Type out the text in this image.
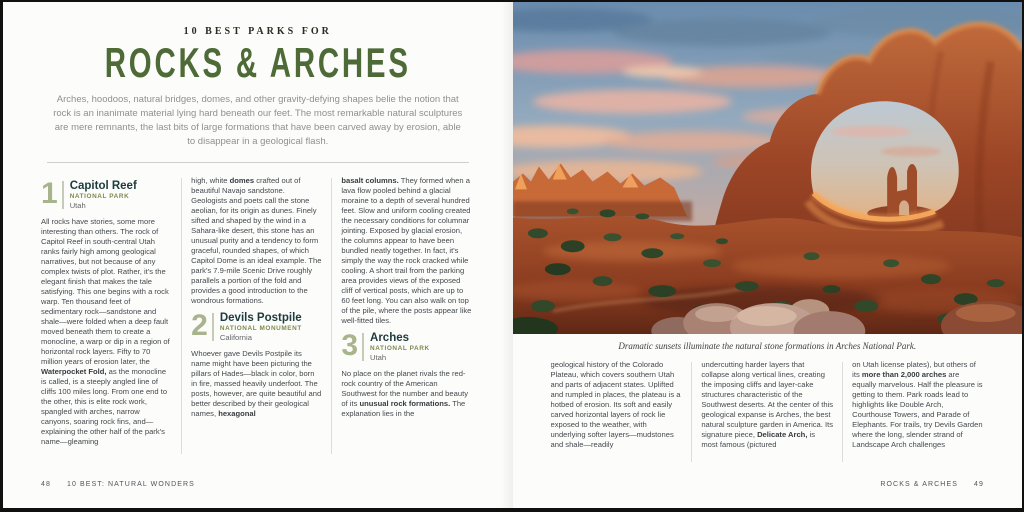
10 BEST PARKS FOR
ROCKS & ARCHES

Arches, hoodoos, natural bridges, domes, and other gravity-defying shapes belie the notion that rock is an inanimate material lying hard beneath our feet. The most remarkable natural sculptures are mere remnants, the last bits of large formations that have been carved away by erosion, able to disappear in a geological flash.

1 Capitol Reef
NATIONAL PARK
Utah

All rocks have stories, some more interesting than others. The rock of Capitol Reef in south-central Utah ranks fairly high among geological narratives, but not because of any complex twists of plot. Rather, it's the elegant finish that makes the tale satisfying. This one begins with a rock warp. Ten thousand feet of sedimentary rock—sandstone and shale—were folded when a deep fault moved beneath them to create a monocline, a warp or dip in a region of horizontal rock layers. Fifty to 70 million years of erosion later, the Waterpocket Fold, as the monocline is called, is a steeply angled line of cliffs 100 miles long. From one end to the other, this is elite rock work, spangled with arches, narrow canyons, soaring rock fins, and—explaining the other half of the park's name—gleaming

high, white domes crafted out of beautiful Navajo sandstone. Geologists and poets call the stone aeolian, for its origin as dunes. Finely sifted and shaped by the wind in a Sahara-like desert, this stone has an unusual purity and a tendency to form graceful, rounded shapes, of which Capitol Dome is an ideal example. The park's 7.9-mile Scenic Drive roughly parallels a portion of the fold and provides a good introduction to the wondrous formations.

2 Devils Postpile
NATIONAL MONUMENT
California

Whoever gave Devils Postpile its name might have been picturing the pillars of Hades—black in color, born in fire, massed heavily underfoot. The posts, however, are quite beautiful and better described by their geological names, hexagonal

basalt columns. They formed when a lava flow pooled behind a glacial moraine to a depth of several hundred feet. Slow and uniform cooling created the necessary conditions for columnar jointing. Exposed by glacial erosion, the columns appear to have been bundled neatly together. In fact, it's simply the way the rock cracked while cooling. A short trail from the parking area provides views of the exposed cliff of vertical posts, which are up to 60 feet long. You can also walk on top of the pile, where the posts appear like well-fitted tiles.

3 Arches
NATIONAL PARK
Utah

No place on the planet rivals the red-rock country of the American Southwest for the number and beauty of its unusual rock formations. The explanation lies in the

48 10 BEST: NATURAL WONDERS
Dramatic sunsets illuminate the natural stone formations in Arches National Park.

geological history of the Colorado Plateau, which covers southern Utah and parts of adjacent states. Uplifted and rumpled in places, the plateau is a hotbed of erosion. Its soft and easily carved horizontal layers of rock lie exposed to the weather, with underlying softer layers—mudstones and shale—readily

undercutting harder layers that collapse along vertical lines, creating the imposing cliffs and layer-cake structures characteristic of the Southwest deserts. At the center of this geological expanse is Arches, the best natural sculpture garden in America. Its signature piece, Delicate Arch, is most famous (pictured

on Utah license plates), but others of its more than 2,000 arches are equally marvelous. Half the pleasure is getting to them. Park roads lead to highlights like Double Arch, Courthouse Towers, and Parade of Elephants. For trails, try Devils Garden where the long, slender strand of Landscape Arch challenges

ROCKS & ARCHES 49
